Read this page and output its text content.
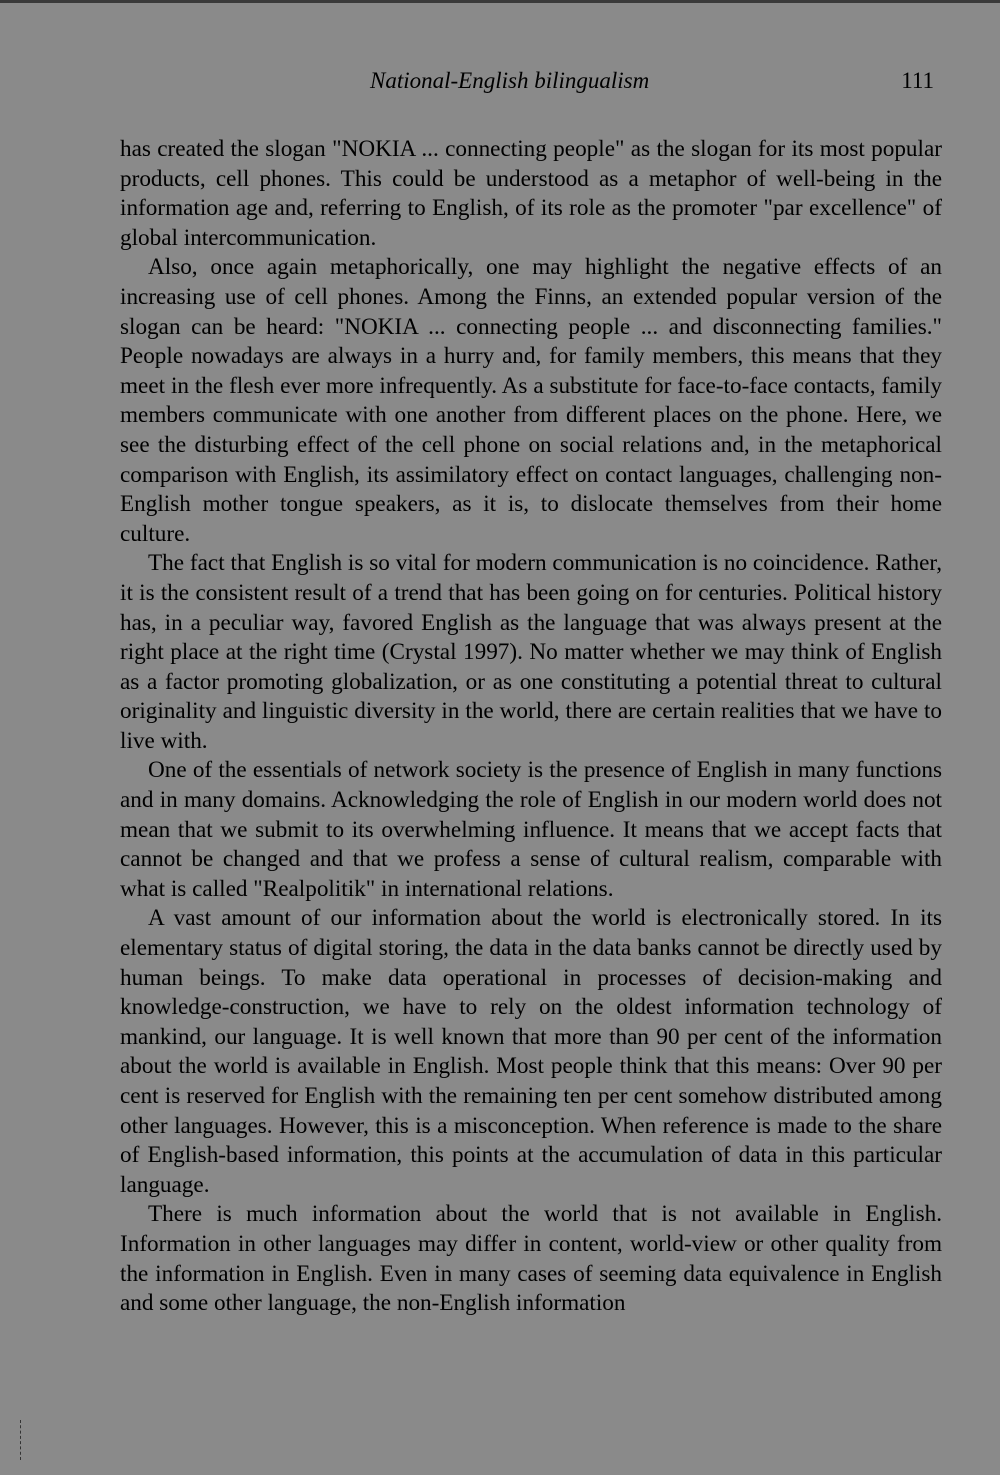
National-English bilingualism	111

has created the slogan "NOKIA ... connecting people" as the slogan for its most popular products, cell phones. This could be understood as a metaphor of well-being in the information age and, referring to English, of its role as the promoter "par excellence" of global intercommunication.

Also, once again metaphorically, one may highlight the negative effects of an increasing use of cell phones. Among the Finns, an extended popular version of the slogan can be heard: "NOKIA ... connecting people ... and disconnecting families." People nowadays are always in a hurry and, for family members, this means that they meet in the flesh ever more infrequently. As a substitute for face-to-face contacts, family members communicate with one another from different places on the phone. Here, we see the disturbing effect of the cell phone on social relations and, in the metaphorical comparison with English, its assimilatory effect on contact languages, challenging non-English mother tongue speakers, as it is, to dislocate themselves from their home culture.

The fact that English is so vital for modern communication is no coincidence. Rather, it is the consistent result of a trend that has been going on for centuries. Political history has, in a peculiar way, favored English as the language that was always present at the right place at the right time (Crystal 1997). No matter whether we may think of English as a factor promoting globalization, or as one constituting a potential threat to cultural originality and linguistic diversity in the world, there are certain realities that we have to live with.

One of the essentials of network society is the presence of English in many functions and in many domains. Acknowledging the role of English in our modern world does not mean that we submit to its overwhelming influence. It means that we accept facts that cannot be changed and that we profess a sense of cultural realism, comparable with what is called "Realpolitik" in international relations.

A vast amount of our information about the world is electronically stored. In its elementary status of digital storing, the data in the data banks cannot be directly used by human beings. To make data operational in processes of decision-making and knowledge-construction, we have to rely on the oldest information technology of mankind, our language. It is well known that more than 90 per cent of the information about the world is available in English. Most people think that this means: Over 90 per cent is reserved for English with the remaining ten per cent somehow distributed among other languages. However, this is a misconception. When reference is made to the share of English-based information, this points at the accumulation of data in this particular language.

There is much information about the world that is not available in English. Information in other languages may differ in content, world-view or other quality from the information in English. Even in many cases of seeming data equivalence in English and some other language, the non-English information
